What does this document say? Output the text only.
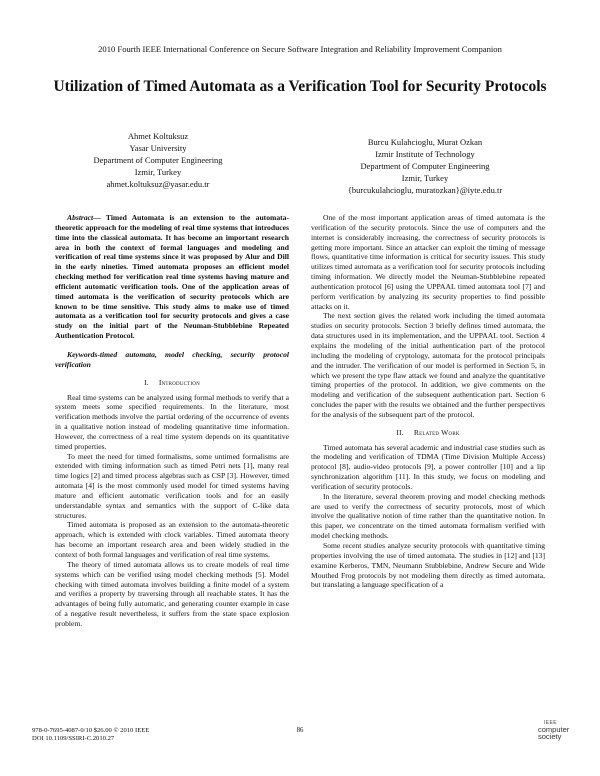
2010 Fourth IEEE International Conference on Secure Software Integration and Reliability Improvement Companion
Utilization of Timed Automata as a Verification Tool for Security Protocols
Ahmet Koltuksuz
Yasar University
Department of Computer Engineering
Izmir, Turkey
ahmet.koltuksuz@yasar.edu.tr
Burcu Kulahcioglu, Murat Ozkan
Izmir Institute of Technology
Department of Computer Engineering
Izmir, Turkey
{burcukulahcioglu, muratozkan}@iyte.edu.tr

Abstract— Timed Automata is an extension to the automata-theoretic approach for the modeling of real time systems that introduces time into the classical automata. It has become an important research area in both the context of formal languages and modeling and verification of real time systems since it was proposed by Alur and Dill in the early nineties. Timed automata proposes an efficient model checking method for verification real time systems having mature and efficient automatic verification tools. One of the application areas of timed automata is the verification of security protocols which are known to be time sensitive. This study aims to make use of timed automata as a verification tool for security protocols and gives a case study on the initial part of the Neuman-Stubblebine Repeated Authentication Protocol.

Keywords-timed automata, model checking, security protocol verification

I. Introduction

Real time systems can be analyzed using formal methods to verify that a system meets some specified requirements. In the literature, most verification methods involve the partial ordering of the occurrence of events in a qualitative notion instead of modeling quantitative time information. However, the correctness of a real time system depends on its quantitative timed properties.

To meet the need for timed formalisms, some untimed formalisms are extended with timing information such as timed Petri nets [1], many real time logics [2] and timed process algebras such as CSP [3]. However, timed automata [4] is the most commonly used model for timed systems having mature and efficient automatic verification tools and for an easily understandable syntax and semantics with the support of C-like data structures.

Timed automata is proposed as an extension to the automata-theoretic approach, which is extended with clock variables. Timed automata theory has become an important research area and been widely studied in the context of both formal languages and verification of real time systems.

The theory of timed automata allows us to create models of real time systems which can be verified using model checking methods [5]. Model checking with timed automata involves building a finite model of a system and verifies a property by traversing through all reachable states. It has the advantages of being fully automatic, and generating counter example in case of a negative result nevertheless, it suffers from the state space explosion problem.

One of the most important application areas of timed automata is the verification of the security protocols. Since the use of computers and the internet is considerably increasing, the correctness of security protocols is getting more important. Since an attacker can exploit the timing of message flows, quantitative time information is critical for security issues. This study utilizes timed automata as a verification tool for security protocols including timing information. We directly model the Neuman-Stubblebine repeated authentication protocol [6] using the UPPAAL timed automata tool [7] and perform verification by analyzing its security properties to find possible attacks on it.

The next section gives the related work including the timed automata studies on security protocols. Section 3 briefly defines timed automata, the data structures used in its implementation, and the UPPAAL tool. Section 4 explains the modeling of the initial authentication part of the protocol including the modeling of cryptology, automata for the protocol principals and the intruder. The verification of our model is performed in Section 5, in which we present the type flaw attack we found and analyze the quantitative timing properties of the protocol. In addition, we give comments on the modeling and verification of the subsequent authentication part. Section 6 concludes the paper with the results we obtained and the further perspectives for the analysis of the subsequent part of the protocol.

II. Related Work

Timed automata has several academic and industrial case studies such as the modeling and verification of TDMA (Time Division Multiple Access) protocol [8], audio-video protocols [9], a power controller [10] and a lip synchronization algorithm [11]. In this study, we focus on modeling and verification of security protocols.

In the literature, several theorem proving and model checking methods are used to verify the correctness of security protocols, most of which involve the qualitative notion of time rather than the quantitative notion. In this paper, we concentrate on the timed automata formalism verified with model checking methods.

Some recent studies analyze security protocols with quantitative timing properties involving the use of timed automata. The studies in [12] and [13] examine Kerberos, TMN, Neumann Stubblebine, Andrew Secure and Wide Mouthed Frog protocols by not modeling them directly as timed automata, but translating a language specification of a

978-0-7695-4087-0/10 $26.00 © 2010 IEEE
DOI 10.1109/SSIRI-C.2010.27
86
IEEE
computer society
